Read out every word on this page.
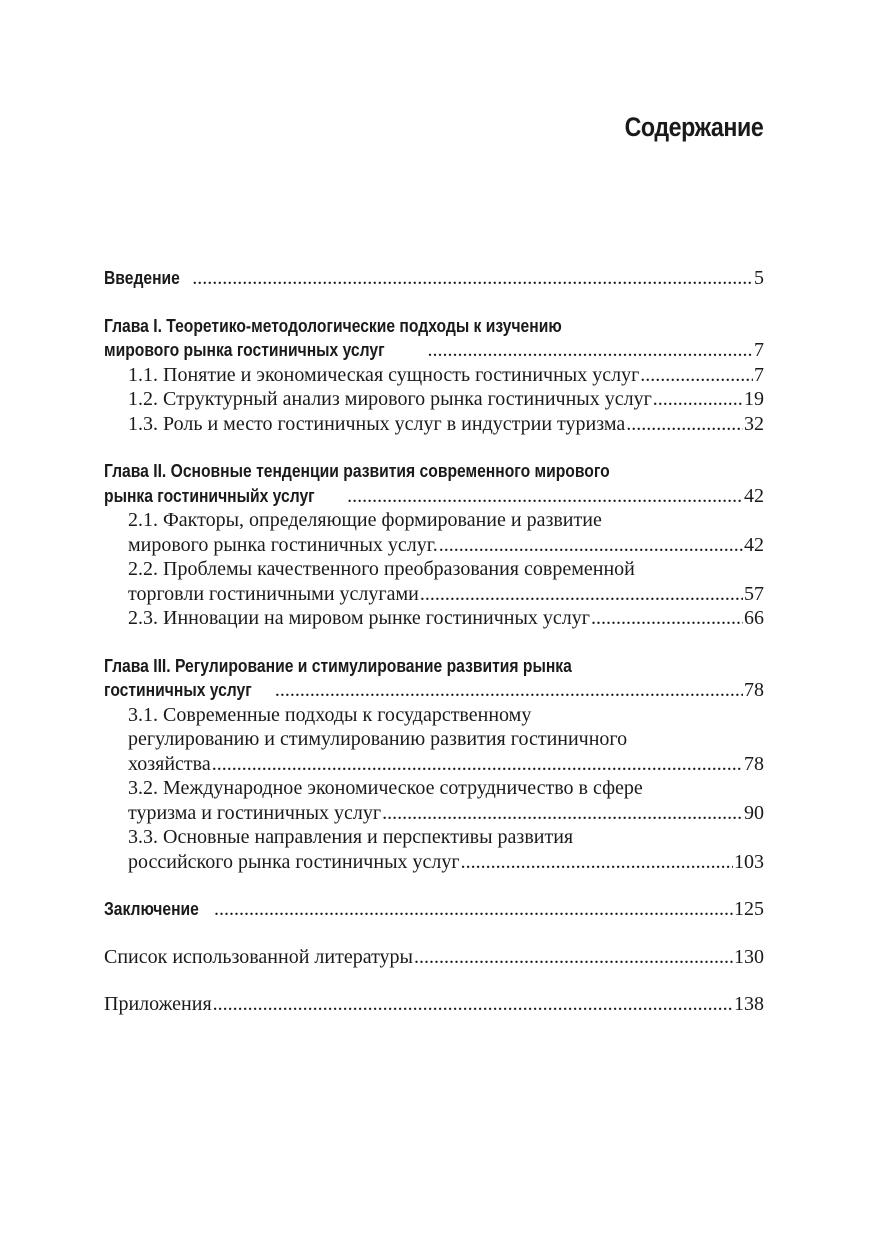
Содержание
Введение .....	5
Глава I. Теоретико-методологические подходы к изучению
мирового рынка гостиничных услуг .....	7
1.1. Понятие и экономическая сущность гостиничных услуг .....	7
1.2. Структурный анализ мирового рынка гостиничных услуг .....	19
1.3. Роль и место гостиничных услуг в индустрии туризма .....	32
Глава II. Основные тенденции развития современного мирового
рынка гостиничныйх услуг .....	42
2.1. Факторы, определяющие формирование и развитие
мирового рынка гостиничных услуг. .....	42
2.2. Проблемы качественного преобразования современной
торговли гостиничными услугами .....	57
2.3. Инновации на мировом рынке гостиничных услуг .....	66
Глава III. Регулирование и стимулирование развития рынка
гостиничных услуг .....	78
3.1. Современные подходы к государственному
регулированию и стимулированию развития гостиничного
хозяйства .....	78
3.2. Международное экономическое сотрудничество в сфере
туризма и гостиничных услуг .....	90
3.3. Основные направления и перспективы развития
российского рынка гостиничных услуг .....	103
Заключение .....	125
Список использованной литературы .....	130
Приложения .....	138
